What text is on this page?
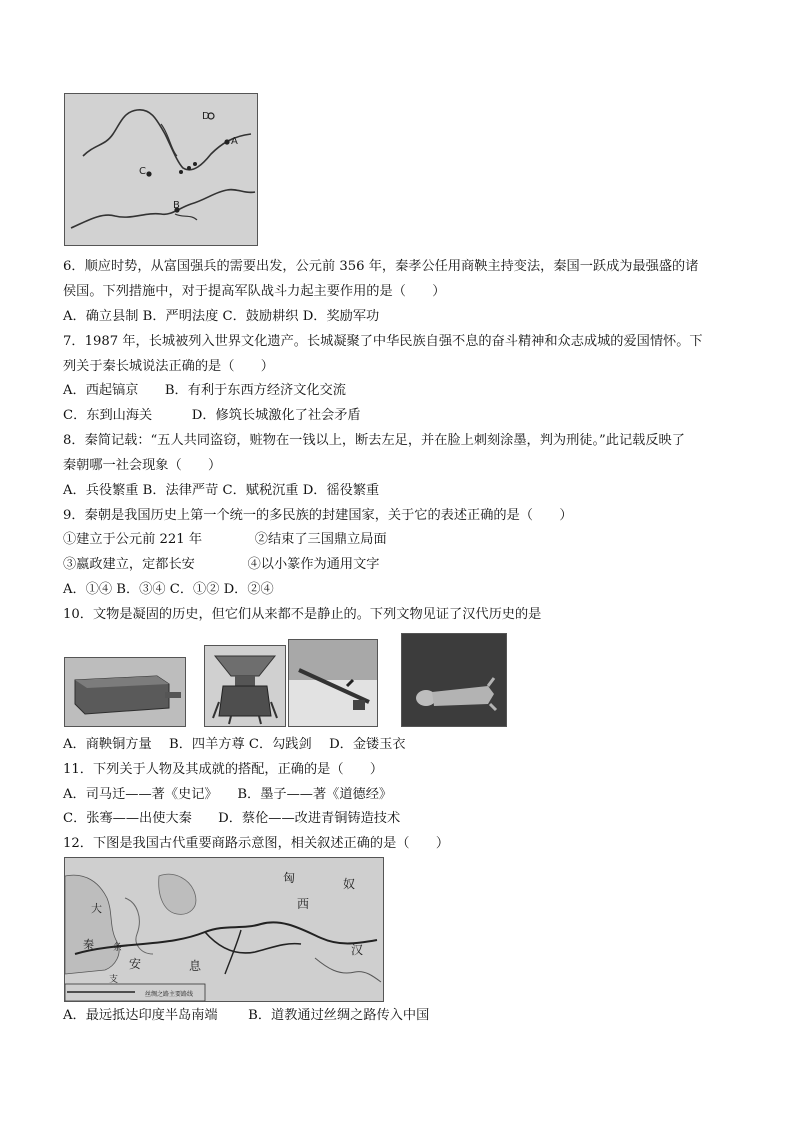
D
A
C
B
6．顺应时势，从富国强兵的需要出发，公元前 356 年，秦孝公任用商鞅主持变法，秦国一跃成为最强盛的诸
侯国。下列措施中，对于提高军队战斗力起主要作用的是（　　）
A．确立县制 B．严明法度 C．鼓励耕织 D．奖励军功
7．1987 年，长城被列入世界文化遗产。长城凝聚了中华民族自强不息的奋斗精神和众志成城的爱国情怀。下
列关于秦长城说法正确的是（　　）
A．西起镐京　　B．有利于东西方经济文化交流
C．东到山海关　　　D．修筑长城激化了社会矛盾
8．秦简记载：“五人共同盗窃，赃物在一钱以上，断去左足，并在脸上刺刻涂墨，判为刑徒。”此记载反映了
秦朝哪一社会现象（　　）
A．兵役繁重 B．法律严苛 C．赋税沉重 D．徭役繁重
9．秦朝是我国历史上第一个统一的多民族的封建国家，关于它的表述正确的是（　　）
①建立于公元前 221 年　　　　②结束了三国鼎立局面
③嬴政建立，定都长安　　　　④以小篆作为通用文字
A．①④ B．③④ C．①② D．②④
10．文物是凝固的历史，但它们从来都不是静止的。下列文物见证了汉代历史的是
A．商鞅铜方量　 B．四羊方尊 C．勾践剑　 D．金镂玉衣
11．下列关于人物及其成就的搭配，正确的是（　　）
A．司马迁——著《史记》　　B．墨子——著《道德经》
C．张骞——出使大秦　　D．蔡伦——改进青铜铸造技术
12．下图是我国古代重要商路示意图，相关叙述正确的是（　　）
丝绸之路主要路线
匈	奴
西
大
秦 条
安	息
汉
支
A．最远抵达印度半岛南端　　 B．道教通过丝绸之路传入中国
